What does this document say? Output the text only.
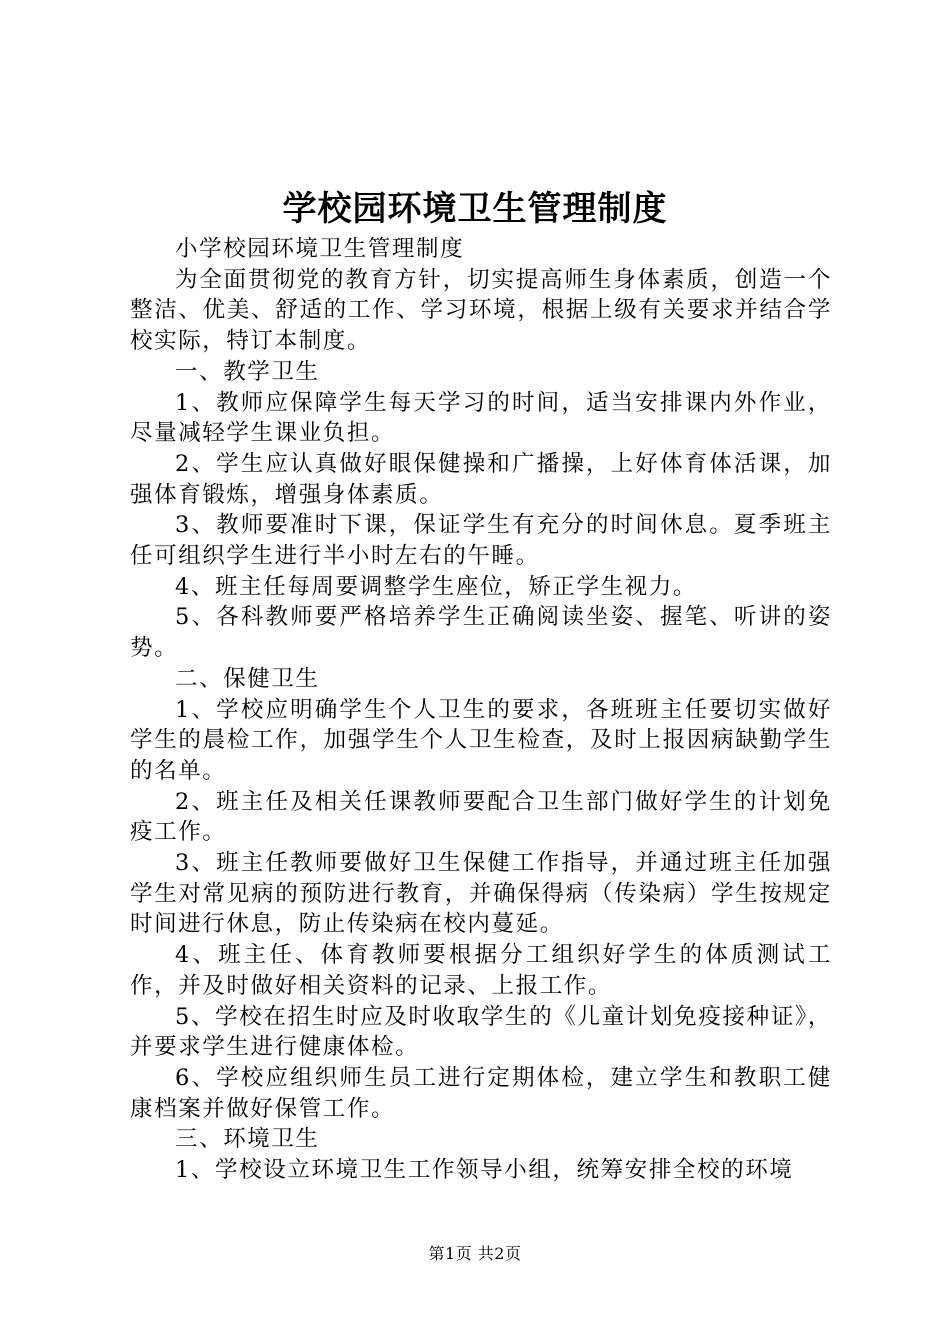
学校园环境卫生管理制度

小学校园环境卫生管理制度

为全面贯彻党的教育方针，切实提高师生身体素质，创造一个整洁、优美、舒适的工作、学习环境，根据上级有关要求并结合学校实际，特订本制度。

一、教学卫生

1、教师应保障学生每天学习的时间，适当安排课内外作业，尽量减轻学生课业负担。

2、学生应认真做好眼保健操和广播操，上好体育体活课，加强体育锻炼，增强身体素质。

3、教师要准时下课，保证学生有充分的时间休息。夏季班主任可组织学生进行半小时左右的午睡。

4、班主任每周要调整学生座位，矫正学生视力。

5、各科教师要严格培养学生正确阅读坐姿、握笔、听讲的姿势。

二、保健卫生

1、学校应明确学生个人卫生的要求，各班班主任要切实做好学生的晨检工作，加强学生个人卫生检查，及时上报因病缺勤学生的名单。

2、班主任及相关任课教师要配合卫生部门做好学生的计划免疫工作。

3、班主任教师要做好卫生保健工作指导，并通过班主任加强学生对常见病的预防进行教育，并确保得病（传染病）学生按规定时间进行休息，防止传染病在校内蔓延。

4、班主任、体育教师要根据分工组织好学生的体质测试工作，并及时做好相关资料的记录、上报工作。

5、学校在招生时应及时收取学生的《儿童计划免疫接种证》，并要求学生进行健康体检。

6、学校应组织师生员工进行定期体检，建立学生和教职工健康档案并做好保管工作。

三、环境卫生

1、学校设立环境卫生工作领导小组，统筹安排全校的环境

第1页 共2页
